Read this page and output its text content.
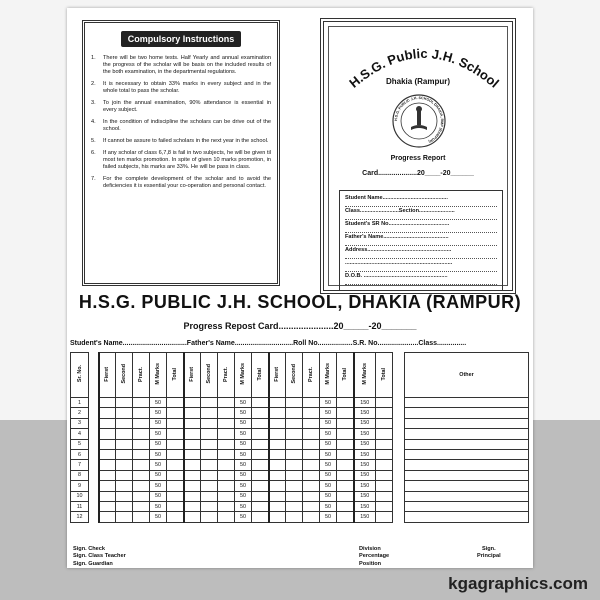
Compulsory Instructions
1.	There will be two home tests. Half Yearly and annual examination the progress of the scholar will be basis on the included results of the both examination, in the departmental regulations.
2.	It is necessary to obtain 33% marks in every subject and in the whole total to pass the scholar.
3.	To join the annual examination, 90% attendance is essential in every subject.
4.	In the condition of indiscipline the scholars can be drive out of the school.
5.	If cannot be assure to failed scholars in the next year in the school.
6.	If any scholar of class 6,7,8 is fail in two subjects, he will be given til most ten marks promotion. In spite of given 10 marks promotion, in failed subjects, his marks are 33%. He will be pass in class.
7.	For the complete development of the scholar and to avoid the deficiencies it is essential your co-operation and personal contact.
H.S.G. Public J.H. School
Dhakia (Rampur)
H.S.G. PUBLIC J.H. SCHOOL DHAKIA, RMP (RAMPUR)
Progress Report
Card....................20____-20______
Student Name..........................................
Class.........................Section.......................
Student's SR No.......................................
Father's Name..........................................
Address......................................................
.....................................................................
D.O.B. ......................................................
H.S.G. PUBLIC J.H. SCHOOL, DHAKIA (RAMPUR)
Progress Repost Card......................20_____-20_______
Student's Name.................................Father's Name..............................Roll No..................S.R. No.....................Class...............
Sr. No.		Fierst	Second	Pract.	M Marks	Total	Fierst	Second	Pract.	M Marks	Total	Fierst	Second	Pract.	M Marks	Total	M Marks	Total		Other
1					50					50					50		150			
2					50					50					50		150			
3					50					50					50		150			
4					50					50					50		150			
5					50					50					50		150			
6					50					50					50		150			
7					50					50					50		150			
8					50					50					50		150			
9					50					50					50		150			
10					50					50					50		150			
11					50					50					50		150			
12					50					50					50		150			
Sign. Check
Sign. Class Teacher
Sign. Guardian
Division
Percentage
Position
Sign.
Principal
kgagraphics.com
